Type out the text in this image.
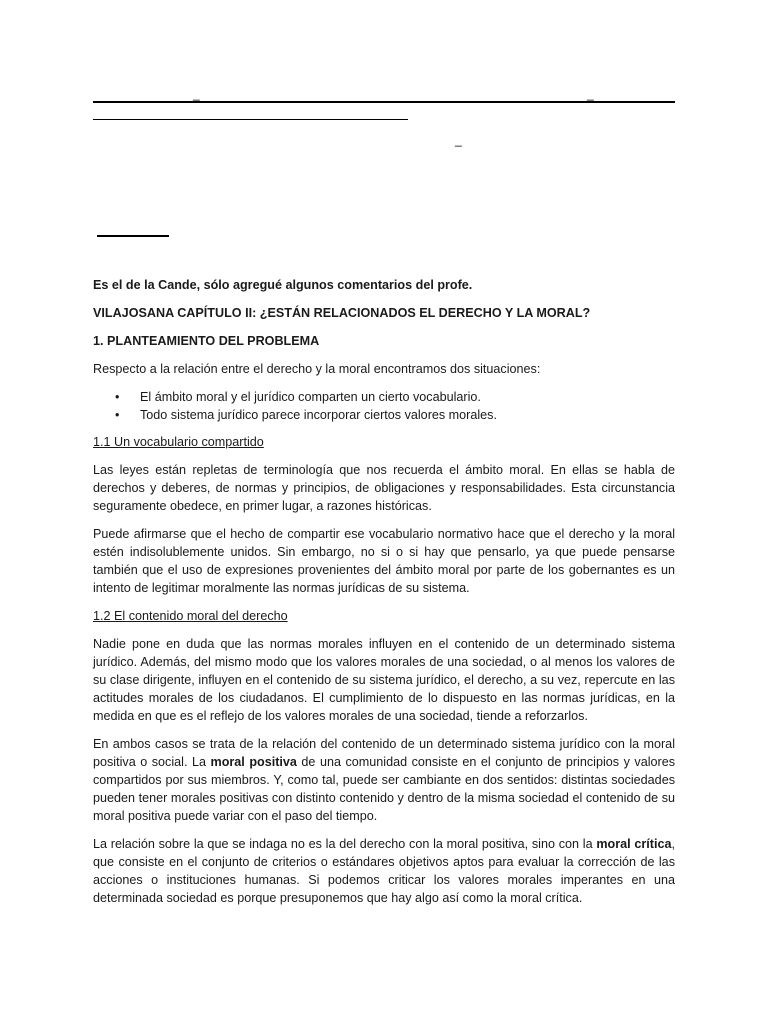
_	_
_

Es el de la Cande, sólo agregué algunos comentarios del profe.

VILAJOSANA CAPÍTULO II: ¿ESTÁN RELACIONADOS EL DERECHO Y LA MORAL?

1. PLANTEAMIENTO DEL PROBLEMA

Respecto a la relación entre el derecho y la moral encontramos dos situaciones:

• El ámbito moral y el jurídico comparten un cierto vocabulario.
• Todo sistema jurídico parece incorporar ciertos valores morales.

1.1 Un vocabulario compartido

Las leyes están repletas de terminología que nos recuerda el ámbito moral. En ellas se habla de derechos y deberes, de normas y principios, de obligaciones y responsabilidades. Esta circunstancia seguramente obedece, en primer lugar, a razones históricas.

Puede afirmarse que el hecho de compartir ese vocabulario normativo hace que el derecho y la moral estén indisolublemente unidos. Sin embargo, no si o si hay que pensarlo, ya que puede pensarse también que el uso de expresiones provenientes del ámbito moral por parte de los gobernantes es un intento de legitimar moralmente las normas jurídicas de su sistema.

1.2 El contenido moral del derecho

Nadie pone en duda que las normas morales influyen en el contenido de un determinado sistema jurídico. Además, del mismo modo que los valores morales de una sociedad, o al menos los valores de su clase dirigente, influyen en el contenido de su sistema jurídico, el derecho, a su vez, repercute en las actitudes morales de los ciudadanos. El cumplimiento de lo dispuesto en las normas jurídicas, en la medida en que es el reflejo de los valores morales de una sociedad, tiende a reforzarlos.

En ambos casos se trata de la relación del contenido de un determinado sistema jurídico con la moral positiva o social. La moral positiva de una comunidad consiste en el conjunto de principios y valores compartidos por sus miembros. Y, como tal, puede ser cambiante en dos sentidos: distintas sociedades pueden tener morales positivas con distinto contenido y dentro de la misma sociedad el contenido de su moral positiva puede variar con el paso del tiempo.

La relación sobre la que se indaga no es la del derecho con la moral positiva, sino con la moral crítica, que consiste en el conjunto de criterios o estándares objetivos aptos para evaluar la corrección de las acciones o instituciones humanas. Si podemos criticar los valores morales imperantes en una determinada sociedad es porque presuponemos que hay algo así como la moral crítica.
